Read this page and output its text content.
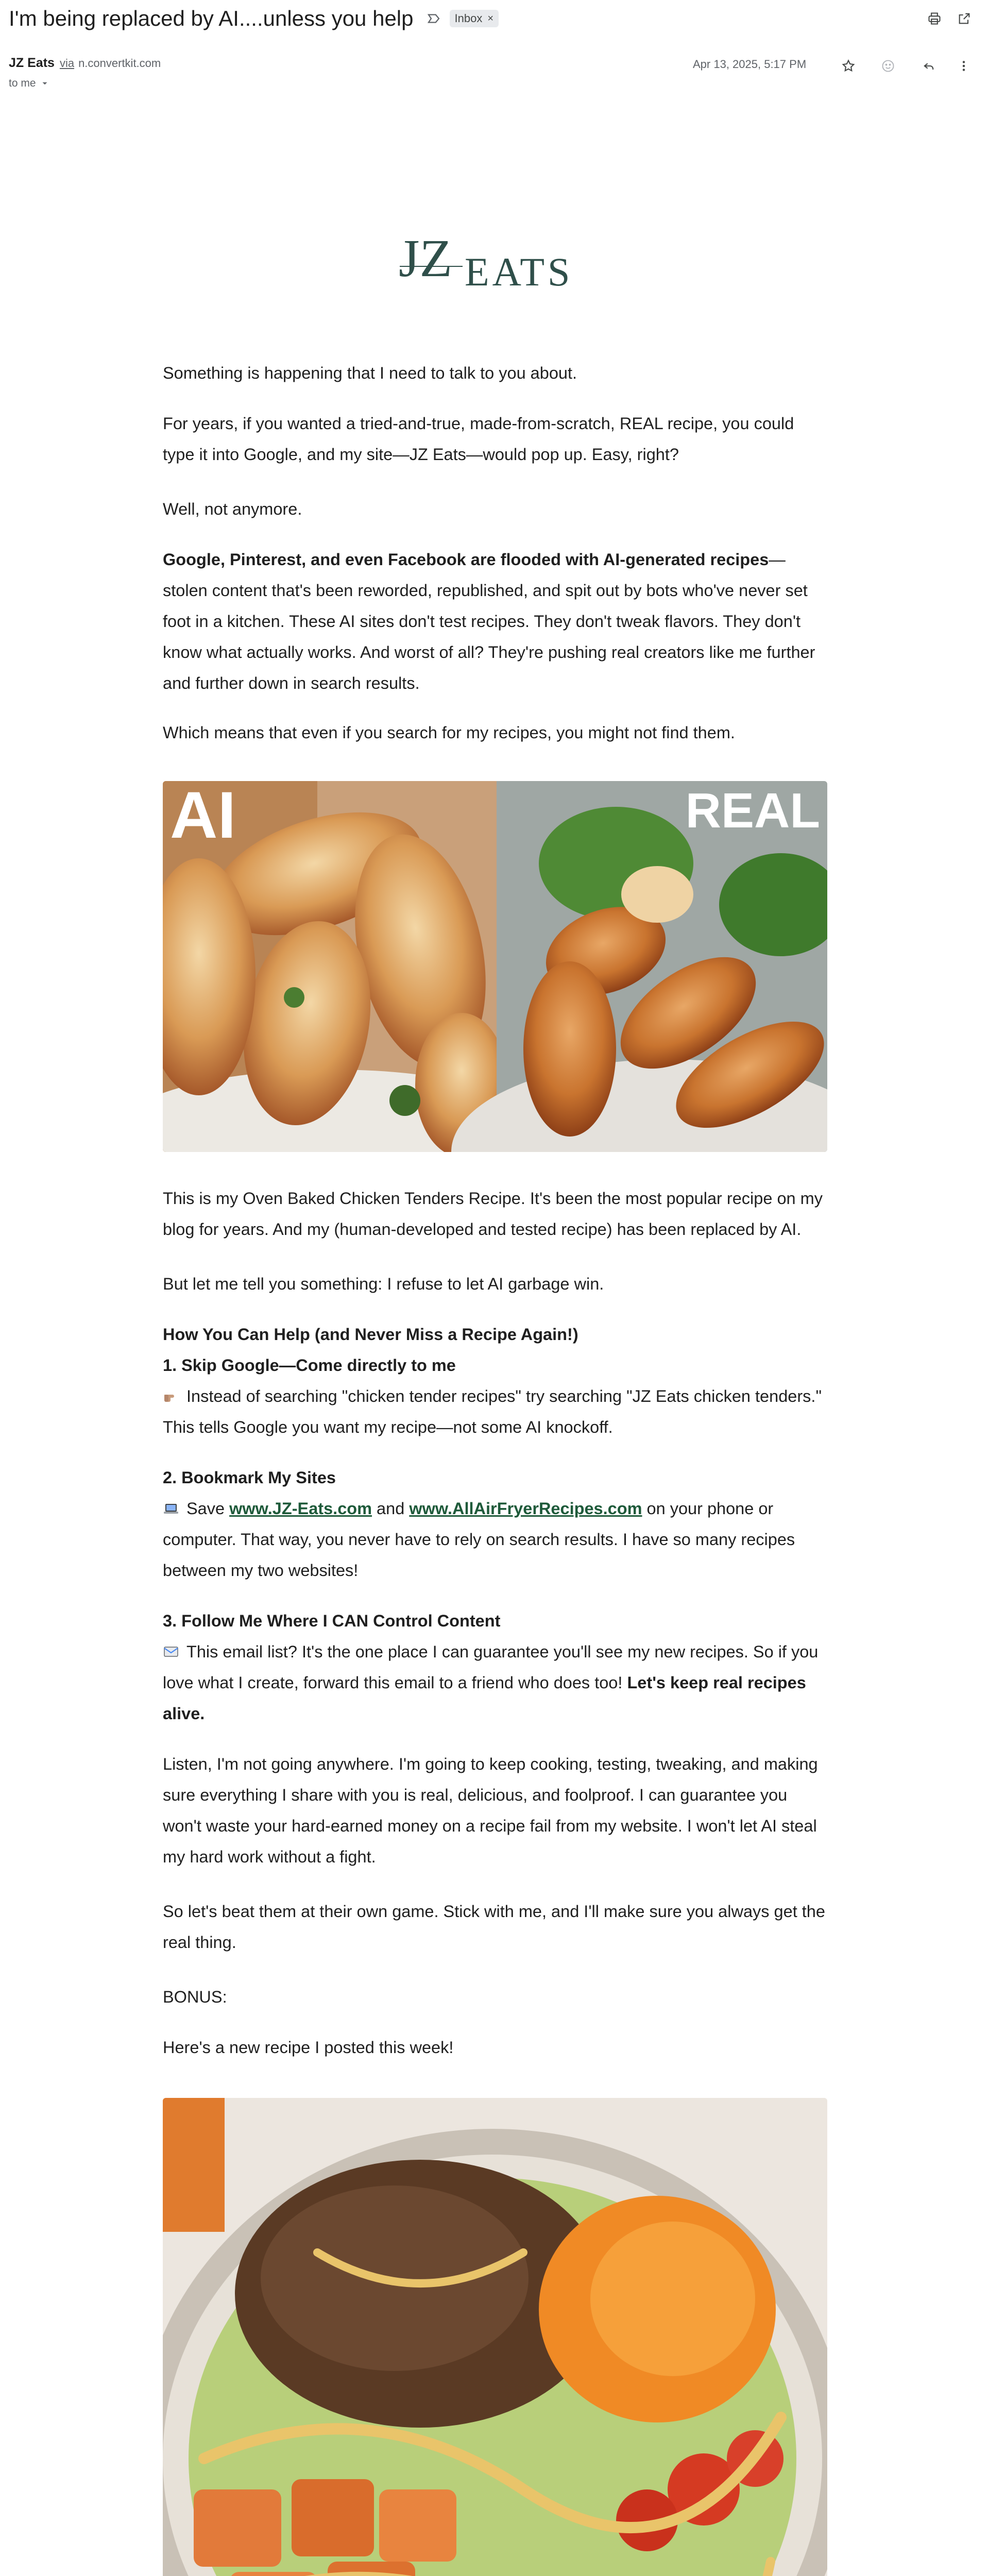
I'm being replaced by AI....unless you help	Inbox ×
JZ Eats via n.convertkit.com
to me
Apr 13, 2025, 5:17 PM
JZ EATS

Something is happening that I need to talk to you about.

For years, if you wanted a tried-and-true, made-from-scratch, REAL recipe, you could type it into Google, and my site—JZ Eats—would pop up. Easy, right?

Well, not anymore.

Google, Pinterest, and even Facebook are flooded with AI-generated recipes—stolen content that's been reworded, republished, and spit out by bots who've never set foot in a kitchen. These AI sites don't test recipes. They don't tweak flavors. They don't know what actually works. And worst of all? They're pushing real creators like me further and further down in search results.

Which means that even if you search for my recipes, you might not find them.

AI	REAL

This is my Oven Baked Chicken Tenders Recipe. It's been the most popular recipe on my blog for years. And my (human-developed and tested recipe) has been replaced by AI.

But let me tell you something: I refuse to let AI garbage win.

How You Can Help (and Never Miss a Recipe Again!)
1. Skip Google—Come directly to me
Instead of searching "chicken tender recipes" try searching "JZ Eats chicken tenders." This tells Google you want my recipe—not some AI knockoff.

2. Bookmark My Sites
Save www.JZ-Eats.com and www.AllAirFryerRecipes.com on your phone or computer. That way, you never have to rely on search results. I have so many recipes between my two websites!

3. Follow Me Where I CAN Control Content
This email list? It's the one place I can guarantee you'll see my new recipes. So if you love what I create, forward this email to a friend who does too! Let's keep real recipes alive.

Listen, I'm not going anywhere. I'm going to keep cooking, testing, tweaking, and making sure everything I share with you is real, delicious, and foolproof. I can guarantee you won't waste your hard-earned money on a recipe fail from my website. I won't let AI steal my hard work without a fight.

So let's beat them at their own game. Stick with me, and I'll make sure you always get the real thing.

BONUS:

Here's a new recipe I posted this week!
